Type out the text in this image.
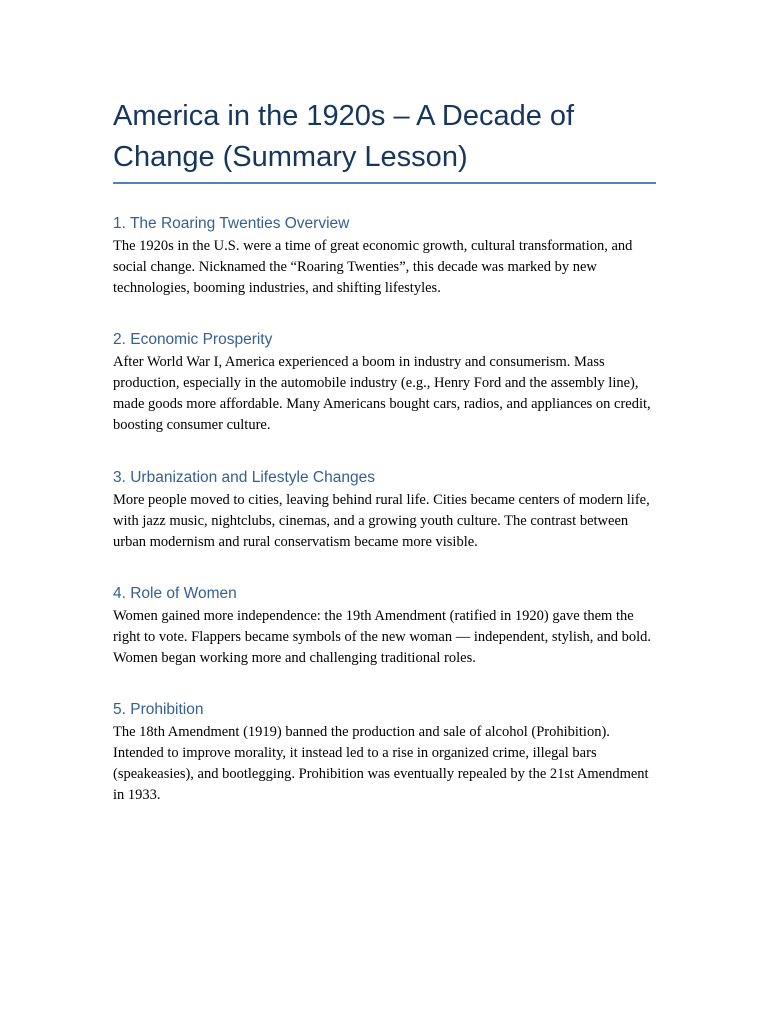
America in the 1920s – A Decade of Change (Summary Lesson)
1. The Roaring Twenties Overview

The 1920s in the U.S. were a time of great economic growth, cultural transformation, and social change. Nicknamed the “Roaring Twenties”, this decade was marked by new technologies, booming industries, and shifting lifestyles.

2. Economic Prosperity

After World War I, America experienced a boom in industry and consumerism. Mass production, especially in the automobile industry (e.g., Henry Ford and the assembly line), made goods more affordable. Many Americans bought cars, radios, and appliances on credit, boosting consumer culture.

3. Urbanization and Lifestyle Changes

More people moved to cities, leaving behind rural life. Cities became centers of modern life, with jazz music, nightclubs, cinemas, and a growing youth culture. The contrast between urban modernism and rural conservatism became more visible.

4. Role of Women

Women gained more independence: the 19th Amendment (ratified in 1920) gave them the right to vote. Flappers became symbols of the new woman — independent, stylish, and bold. Women began working more and challenging traditional roles.

5. Prohibition

The 18th Amendment (1919) banned the production and sale of alcohol (Prohibition). Intended to improve morality, it instead led to a rise in organized crime, illegal bars (speakeasies), and bootlegging. Prohibition was eventually repealed by the 21st Amendment in 1933.
